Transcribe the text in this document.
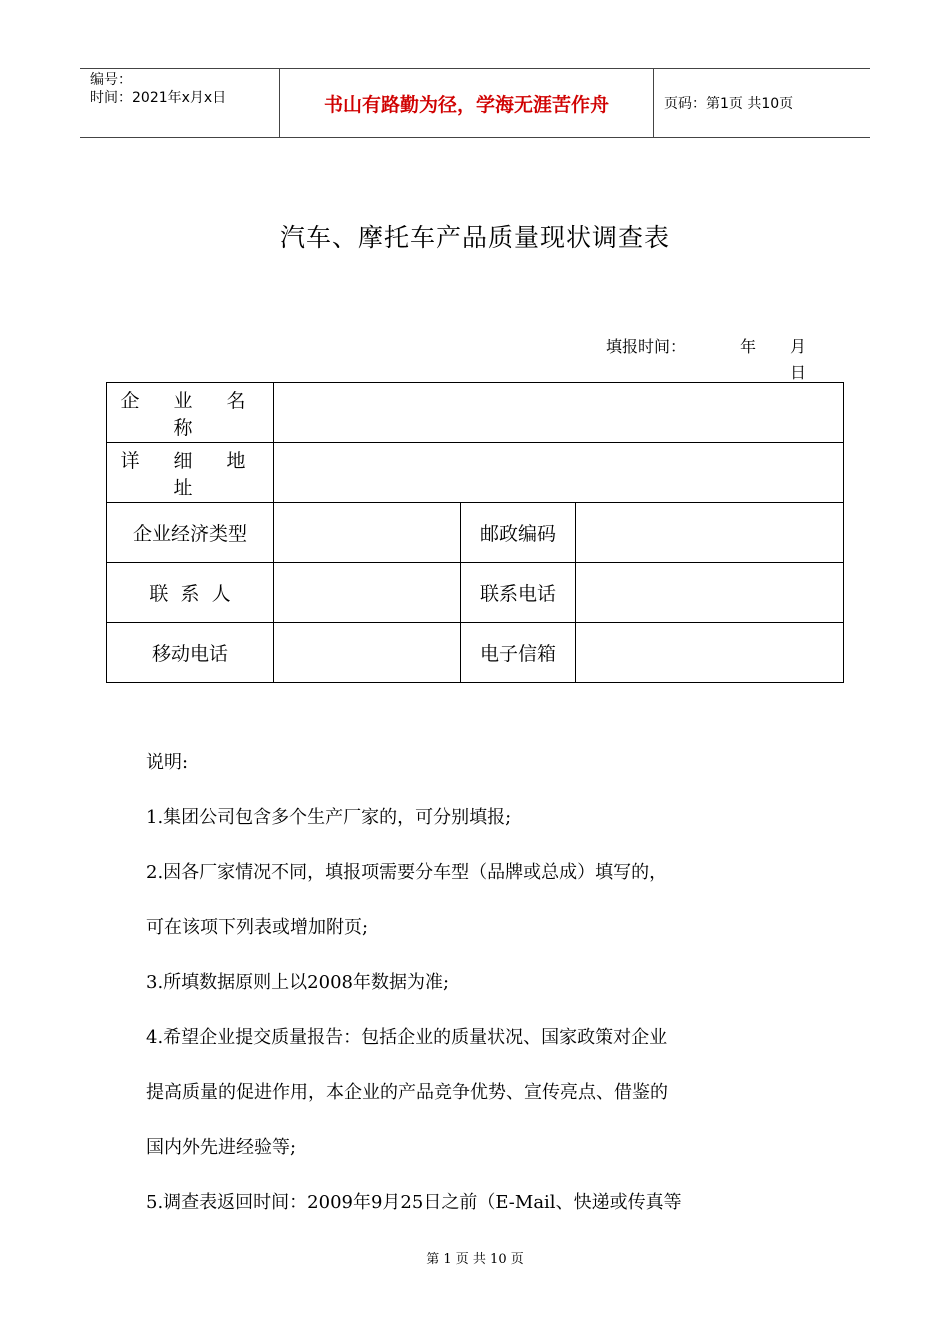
编号：
时间：2021年x月x日	书山有路勤为径，学海无涯苦作舟	页码：第1页 共10页
汽车、摩托车产品质量现状调查表
填报时间：	年 月
日
企 业 名 称			
详 细 地 址			
企业经济类型		邮政编码	
联  系  人		联系电话	
移动电话		电子信箱	

说明:

1.集团公司包含多个生产厂家的，可分别填报;

2.因各厂家情况不同，填报项需要分车型（品牌或总成）填写的，

可在该项下列表或增加附页;

3.所填数据原则上以2008年数据为准;

4.希望企业提交质量报告：包括企业的质量状况、国家政策对企业

提高质量的促进作用，本企业的产品竞争优势、宣传亮点、借鉴的

国内外先进经验等;

5.调查表返回时间：2009年9月25日之前（E-Mail、快递或传真等

第 1 页 共 10 页
